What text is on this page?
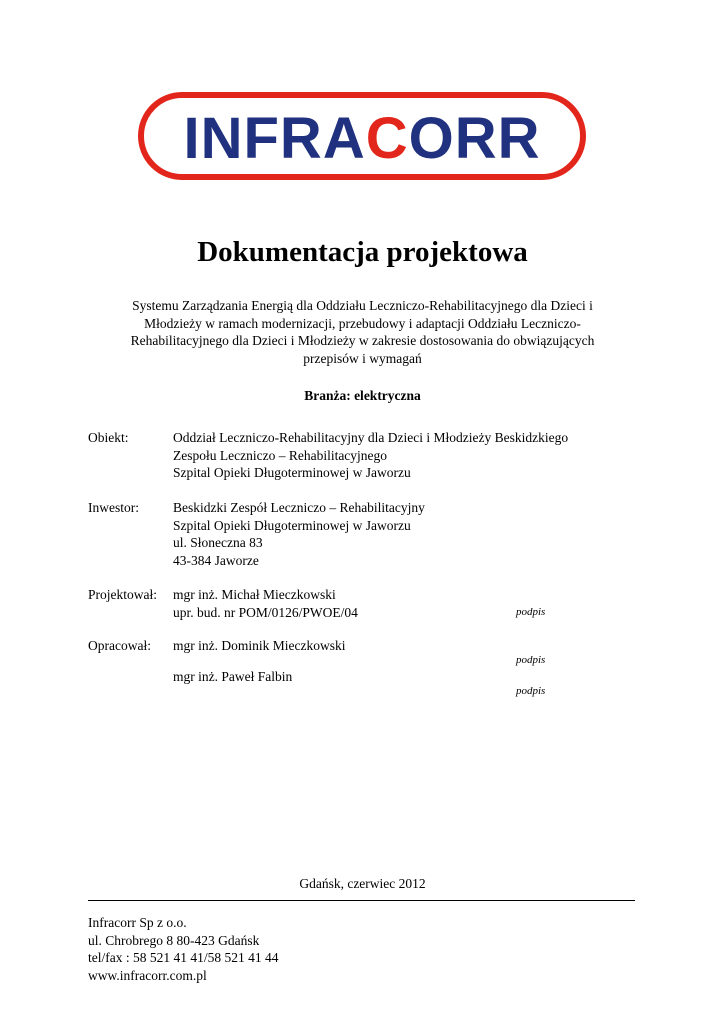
INFRACORR
Dokumentacja projektowa
Systemu Zarządzania Energią dla Oddziału Leczniczo-Rehabilitacyjnego dla Dzieci i
Młodzieży w ramach modernizacji, przebudowy i adaptacji Oddziału Leczniczo-
Rehabilitacyjnego dla Dzieci i Młodzieży w zakresie dostosowania do obwiązujących
przepisów i wymagań
Branża: elektryczna
Obiekt:	Oddział Leczniczo-Rehabilitacyjny dla Dzieci i Młodzieży Beskidzkiego
Zespołu Leczniczo – Rehabilitacyjnego
Szpital Opieki Długoterminowej w Jaworzu
Inwestor:	Beskidzki Zespół Leczniczo – Rehabilitacyjny
Szpital Opieki Długoterminowej w Jaworzu
ul. Słoneczna 83
43-384 Jaworze
Projektował: mgr inż. Michał Mieczkowski
upr. bud. nr POM/0126/PWOE/04	podpis
Opracował: mgr inż. Dominik Mieczkowski
podpis
mgr inż. Paweł Falbin
podpis
Gdańsk, czerwiec 2012
Infracorr Sp z o.o.
ul. Chrobrego 8 80-423 Gdańsk
tel/fax : 58 521 41 41/58 521 41 44
www.infracorr.com.pl
